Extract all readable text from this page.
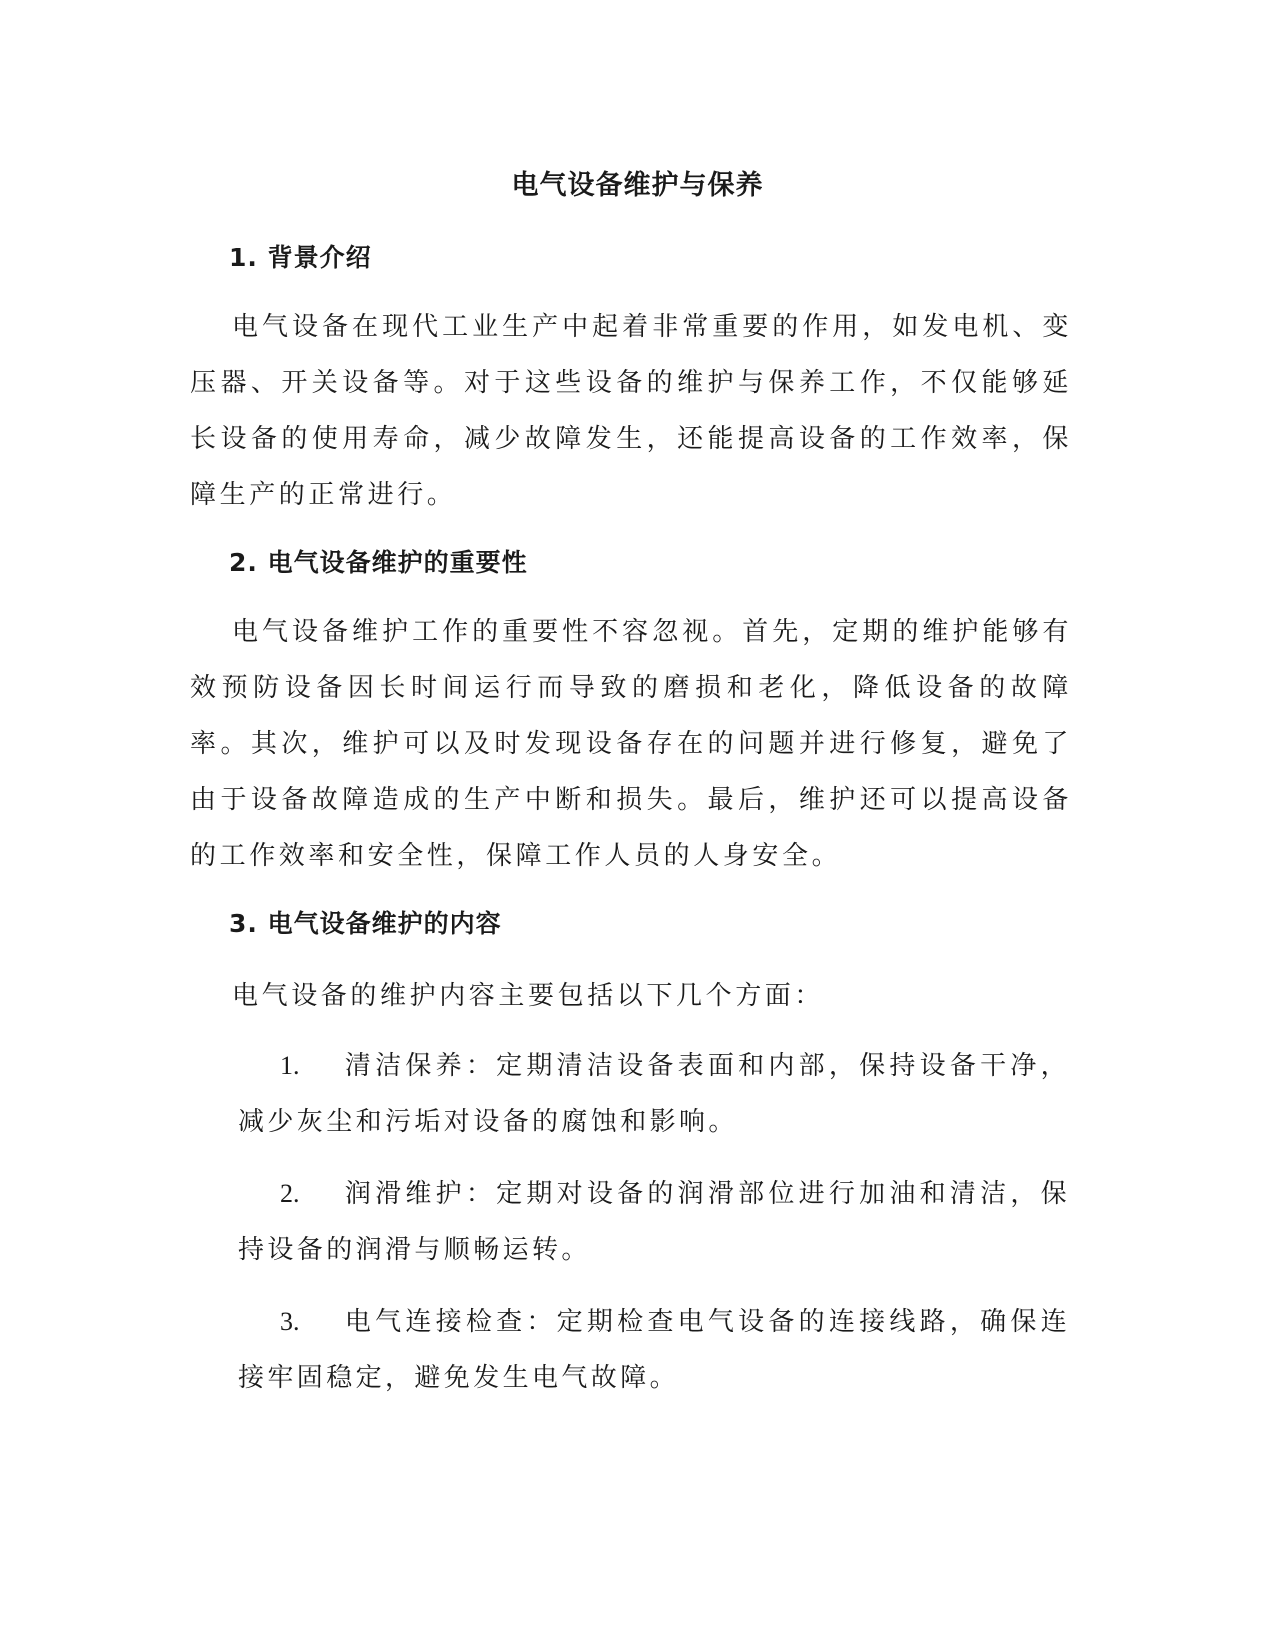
电气设备维护与保养
1. 背景介绍

电气设备在现代工业生产中起着非常重要的作用，如发电机、变压器、开关设备等。对于这些设备的维护与保养工作，不仅能够延长设备的使用寿命，减少故障发生，还能提高设备的工作效率，保障生产的正常进行。

2. 电气设备维护的重要性

电气设备维护工作的重要性不容忽视。首先，定期的维护能够有效预防设备因长时间运行而导致的磨损和老化，降低设备的故障率。其次，维护可以及时发现设备存在的问题并进行修复，避免了由于设备故障造成的生产中断和损失。最后，维护还可以提高设备的工作效率和安全性，保障工作人员的人身安全。

3. 电气设备维护的内容

电气设备的维护内容主要包括以下几个方面：

1. 清洁保养：定期清洁设备表面和内部，保持设备干净，减少灰尘和污垢对设备的腐蚀和影响。

2. 润滑维护：定期对设备的润滑部位进行加油和清洁，保持设备的润滑与顺畅运转。

3. 电气连接检查：定期检查电气设备的连接线路，确保连接牢固稳定，避免发生电气故障。
